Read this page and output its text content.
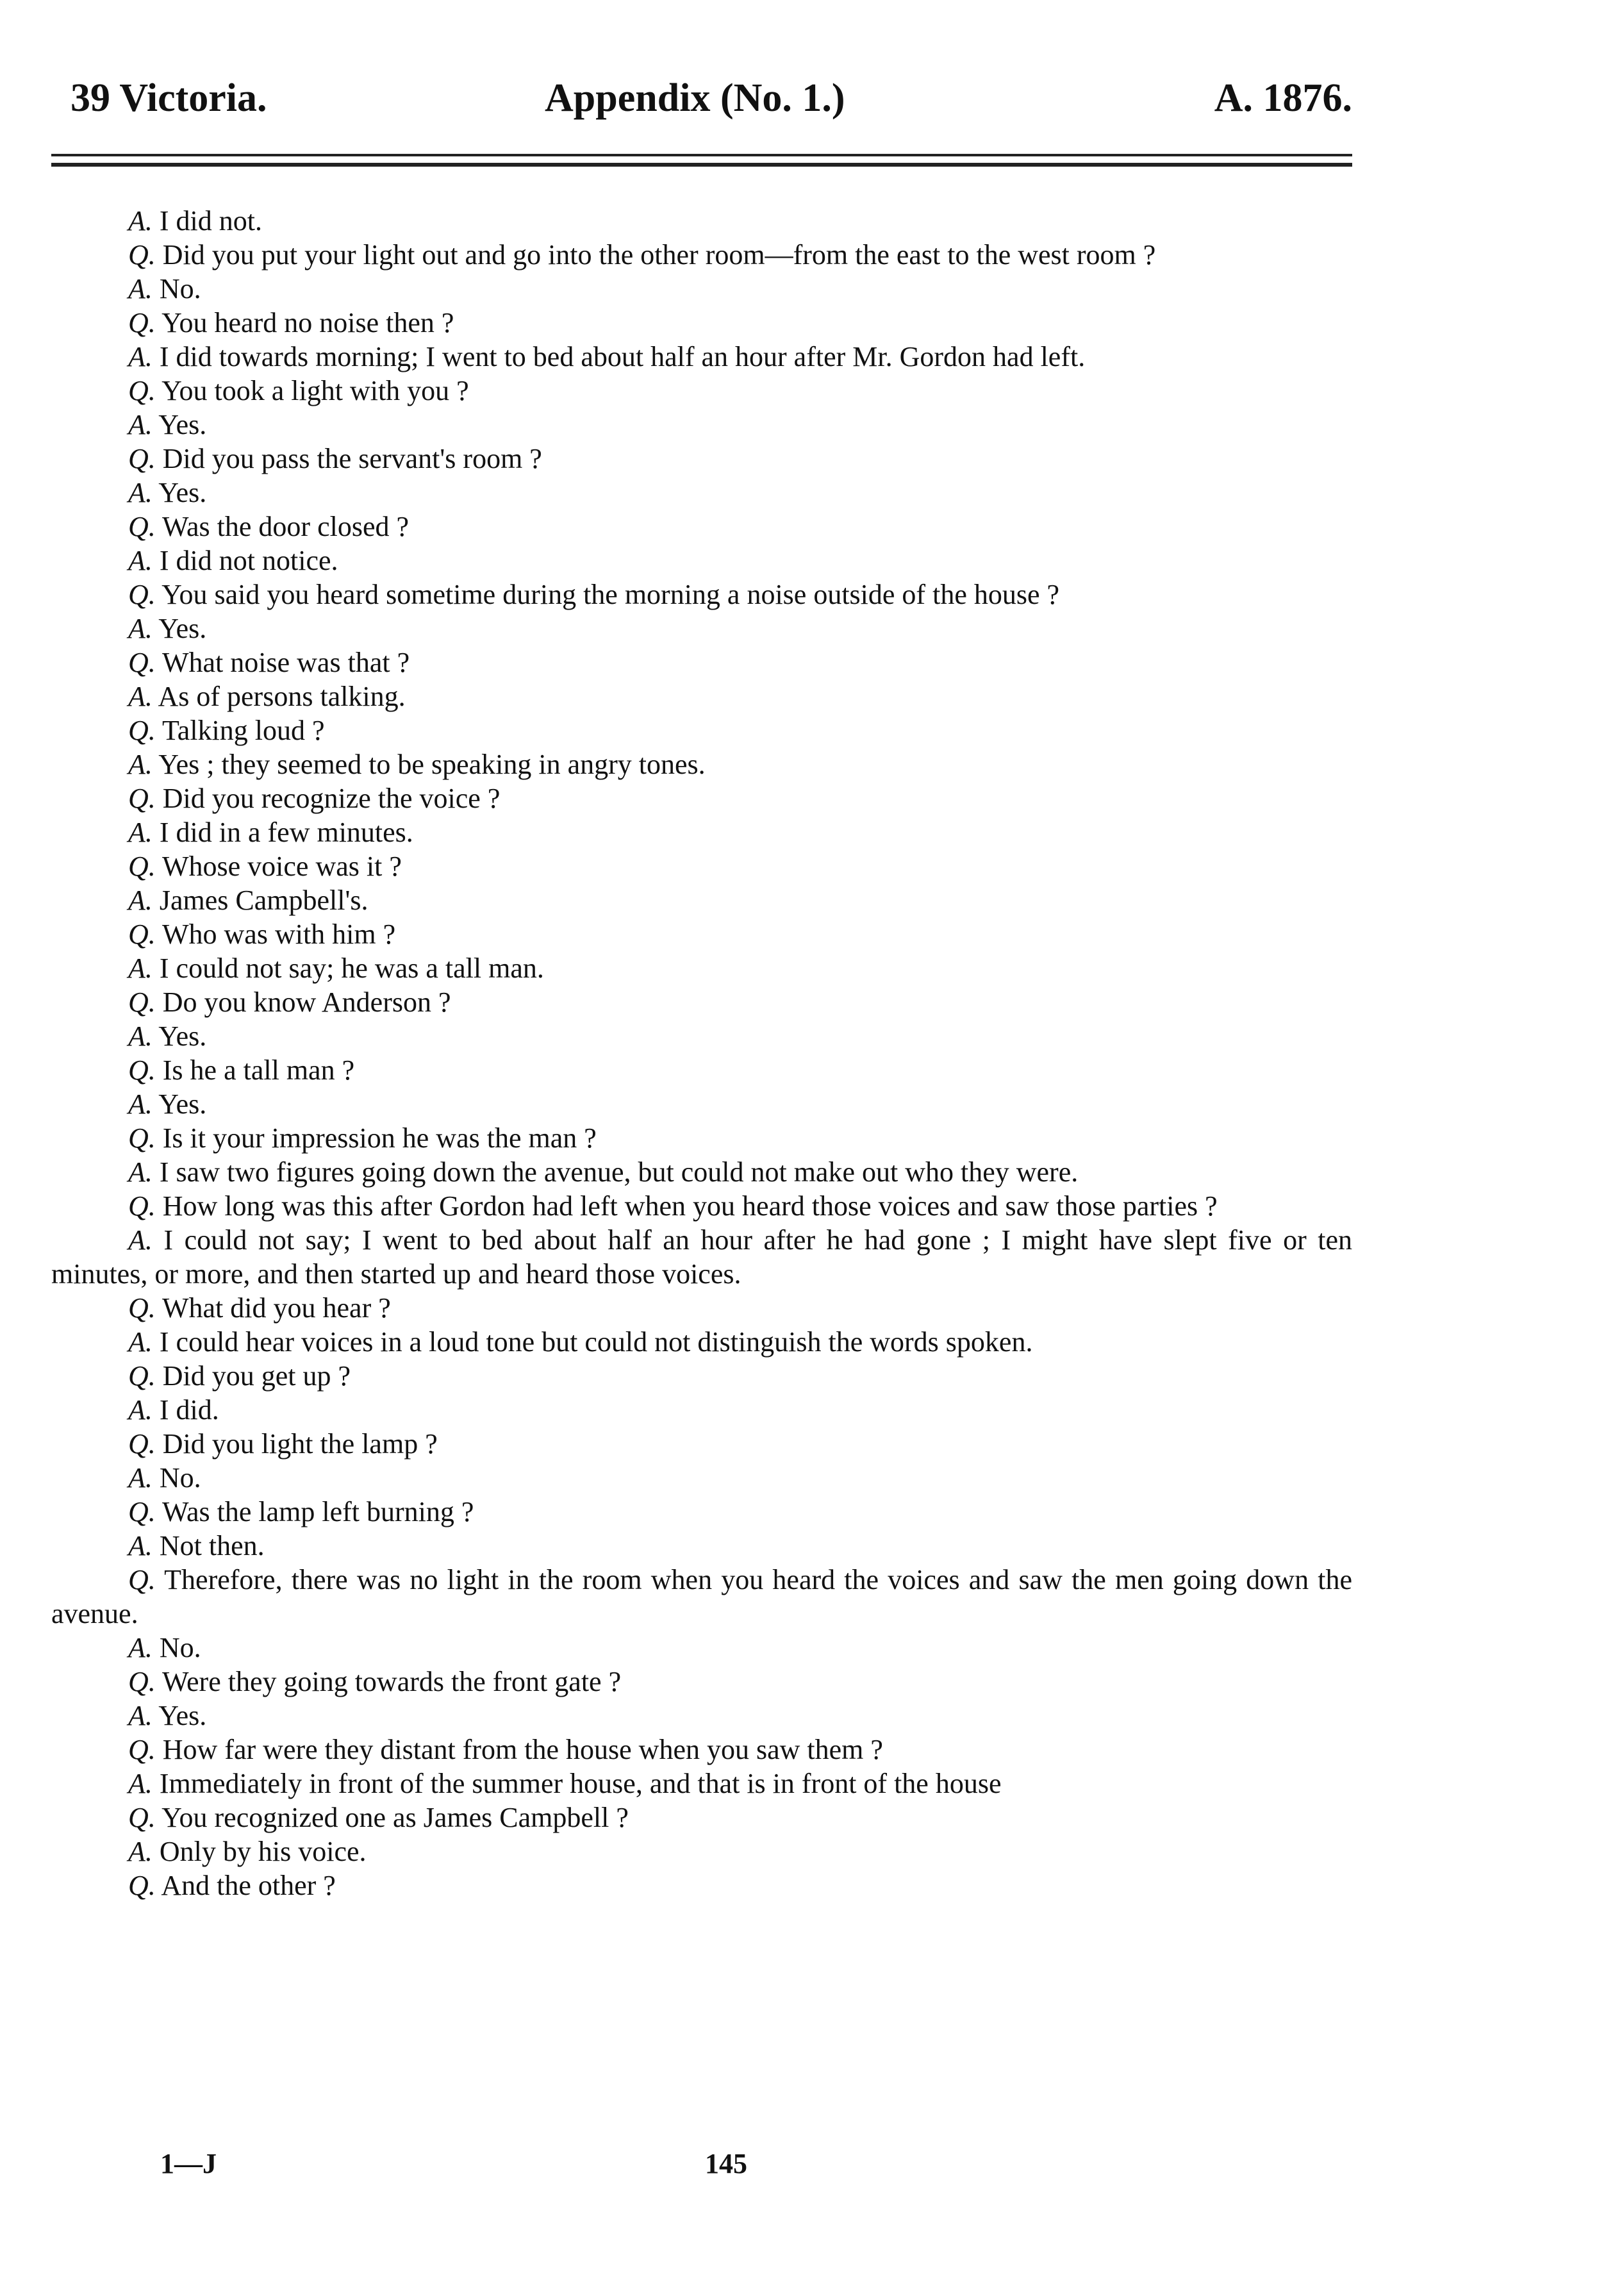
39 Victoria.	Appendix (No. 1.)	A. 1876.
A. I did not.
Q. Did you put your light out and go into the other room—from the east to the west room ?
A. No.
Q. You heard no noise then ?
A. I did towards morning; I went to bed about half an hour after Mr. Gordon had left.
Q. You took a light with you ?
A. Yes.
Q. Did you pass the servant's room ?
A. Yes.
Q. Was the door closed ?
A. I did not notice.
Q. You said you heard sometime during the morning a noise outside of the house ?
A. Yes.
Q. What noise was that ?
A. As of persons talking.
Q. Talking loud ?
A. Yes ; they seemed to be speaking in angry tones.
Q. Did you recognize the voice ?
A. I did in a few minutes.
Q. Whose voice was it ?
A. James Campbell's.
Q. Who was with him ?
A. I could not say; he was a tall man.
Q. Do you know Anderson ?
A. Yes.
Q. Is he a tall man ?
A. Yes.
Q. Is it your impression he was the man ?
A. I saw two figures going down the avenue, but could not make out who they were.
Q. How long was this after Gordon had left when you heard those voices and saw those parties ?
A. I could not say; I went to bed about half an hour after he had gone ; I might have slept five or ten minutes, or more, and then started up and heard those voices.
Q. What did you hear ?
A. I could hear voices in a loud tone but could not distinguish the words spoken.
Q. Did you get up ?
A. I did.
Q. Did you light the lamp ?
A. No.
Q. Was the lamp left burning ?
A. Not then.
Q. Therefore, there was no light in the room when you heard the voices and saw the men going down the avenue.
A. No.
Q. Were they going towards the front gate ?
A. Yes.
Q. How far were they distant from the house when you saw them ?
A. Immediately in front of the summer house, and that is in front of the house
Q. You recognized one as James Campbell ?
A. Only by his voice.
Q. And the other ?
1—J	145
